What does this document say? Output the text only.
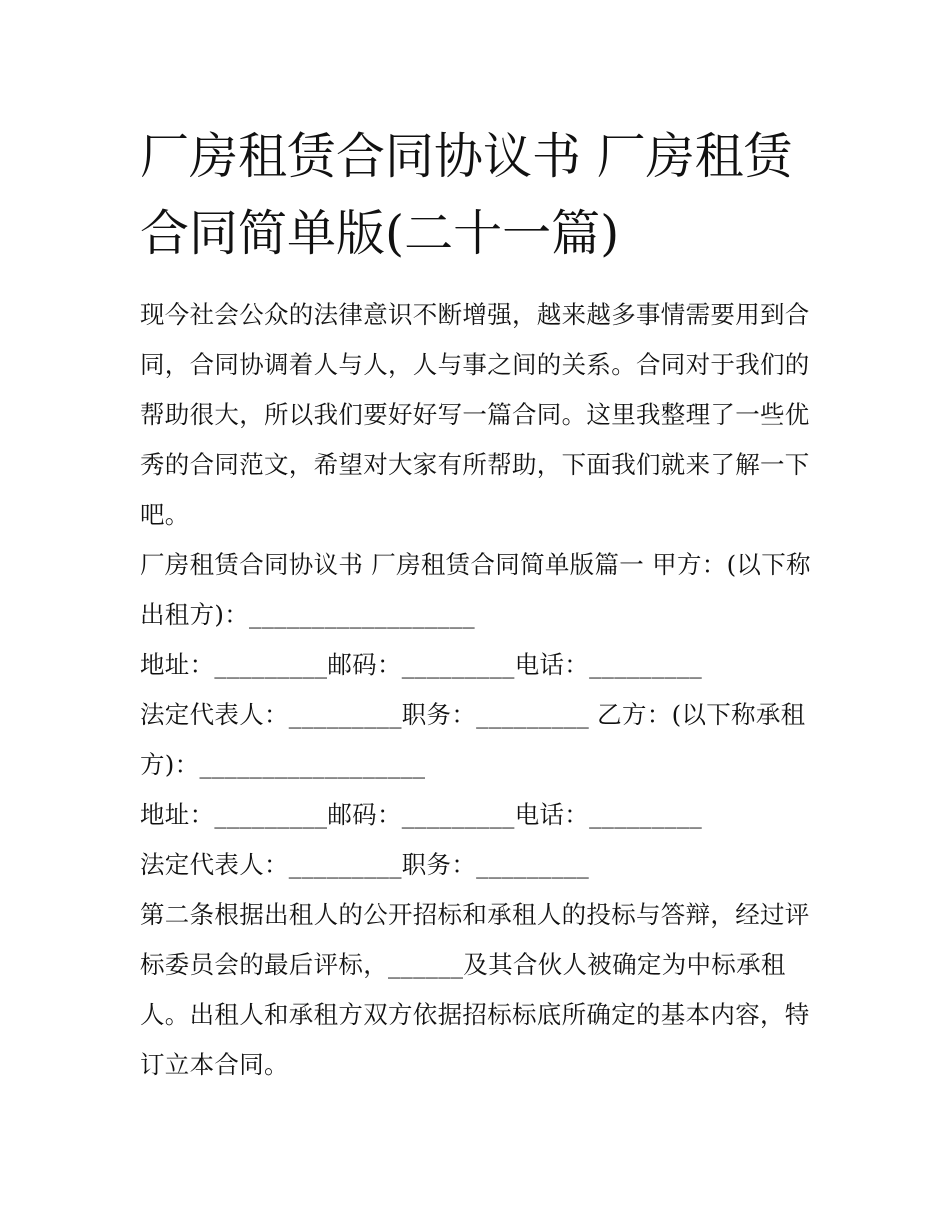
厂房租赁合同协议书 厂房租赁合同简单版(二十一篇)

现今社会公众的法律意识不断增强，越来越多事情需要用到合同，合同协调着人与人，人与事之间的关系。合同对于我们的帮助很大，所以我们要好好写一篇合同。这里我整理了一些优秀的合同范文，希望对大家有所帮助，下面我们就来了解一下吧。

厂房租赁合同协议书 厂房租赁合同简单版篇一 甲方：(以下称出租方)：__________________

地址：_________邮码：_________电话：_________

法定代表人：_________职务：_________ 乙方：(以下称承租方)：__________________

地址：_________邮码：_________电话：_________

法定代表人：_________职务：_________

第二条根据出租人的公开招标和承租人的投标与答辩，经过评标委员会的最后评标，______及其合伙人被确定为中标承租人。出租人和承租方双方依据招标标底所确定的基本内容，特订立本合同。
